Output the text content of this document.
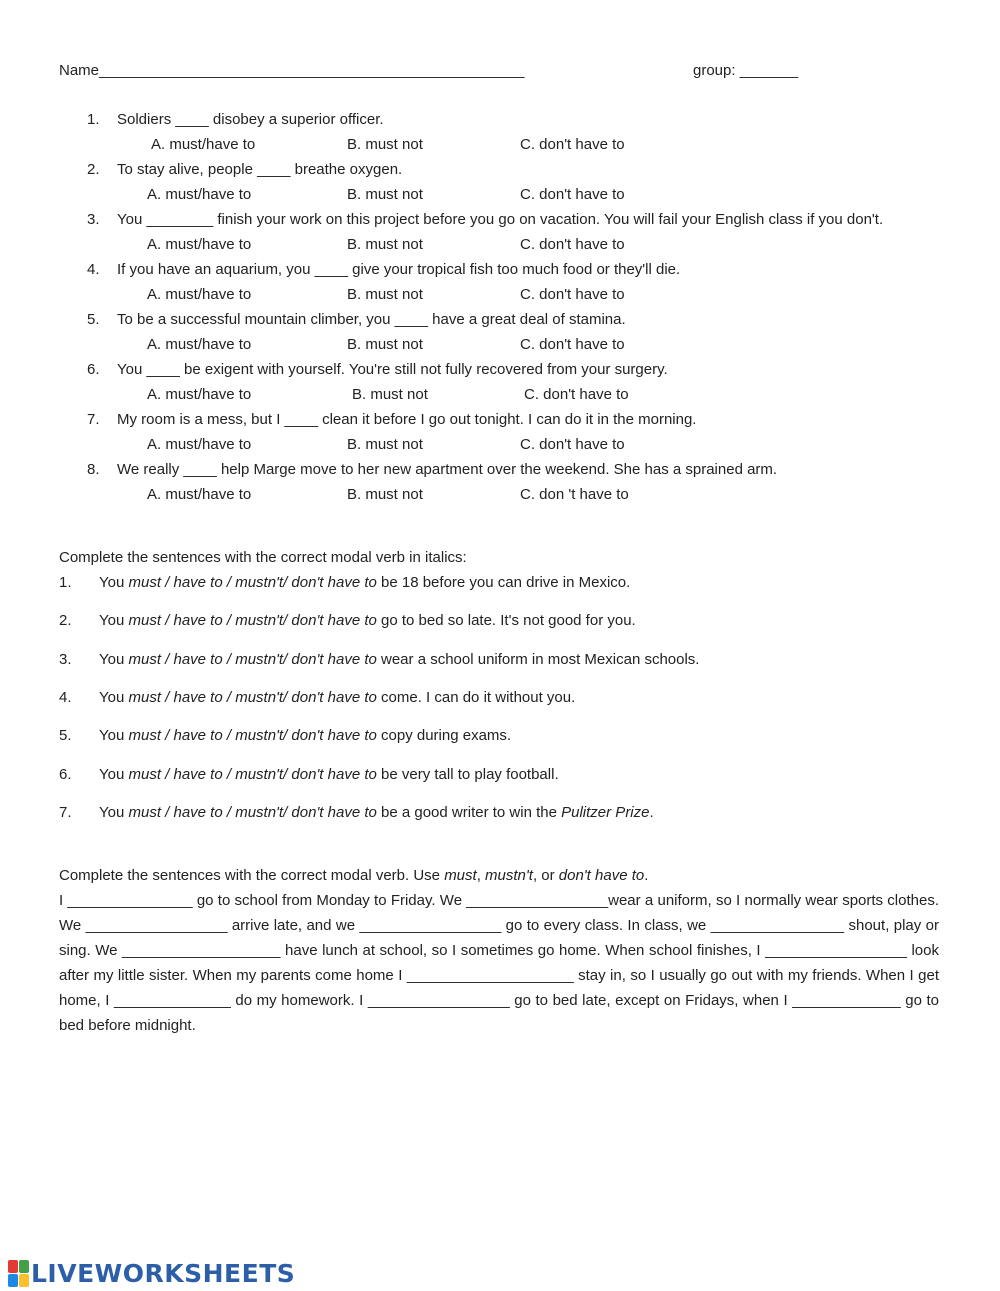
Name___________________________________________________	group: _______
1. Soldiers ____ disobey a superior officer.
A. must/have to	B. must not	C. don't have to
2. To stay alive, people ____ breathe oxygen.
A. must/have to	B. must not	C. don't have to
3. You ________ finish your work on this project before you go on vacation. You will fail your English class if you don't.
A. must/have to	B. must not	C. don't have to
4. If you have an aquarium, you ____ give your tropical fish too much food or they'll die.
A. must/have to	B. must not	C. don't have to
5. To be a successful mountain climber, you ____ have a great deal of stamina.
A. must/have to	B. must not	C. don't have to
6. You ____ be exigent with yourself. You're still not fully recovered from your surgery.
A. must/have to	B. must not	C. don't have to
7. My room is a mess, but I ____ clean it before I go out tonight. I can do it in the morning.
A. must/have to	B. must not	C. don't have to
8. We really ____ help Marge move to her new apartment over the weekend. She has a sprained arm.
A. must/have to	B. must not	C. don 't have to
Complete the sentences with the correct modal verb in italics:
1. You must / have to / mustn't/ don't have to be 18 before you can drive in Mexico.
2. You must / have to / mustn't/ don't have to go to bed so late. It's not good for you.
3. You must / have to / mustn't/ don't have to wear a school uniform in most Mexican schools.
4. You must / have to / mustn't/ don't have to come. I can do it without you.
5. You must / have to / mustn't/ don't have to copy during exams.
6. You must / have to / mustn't/ don't have to be very tall to play football.
7. You must / have to / mustn't/ don't have to be a good writer to win the Pulitzer Prize.
Complete the sentences with the correct modal verb. Use must, mustn't, or don't have to.
I _______________ go to school from Monday to Friday. We _________________wear a uniform, so I normally wear sports clothes. We _________________ arrive late, and we _________________ go to every class. In class, we ________________ shout, play or sing. We ___________________ have lunch at school, so I sometimes go home. When school finishes, I _________________ look after my little sister. When my parents come home I ____________________ stay in, so I usually go out with my friends. When I get home, I ______________ do my homework. I _________________ go to bed late, except on Fridays, when I _____________ go to bed before midnight.
LIVEWORKSHEETS
